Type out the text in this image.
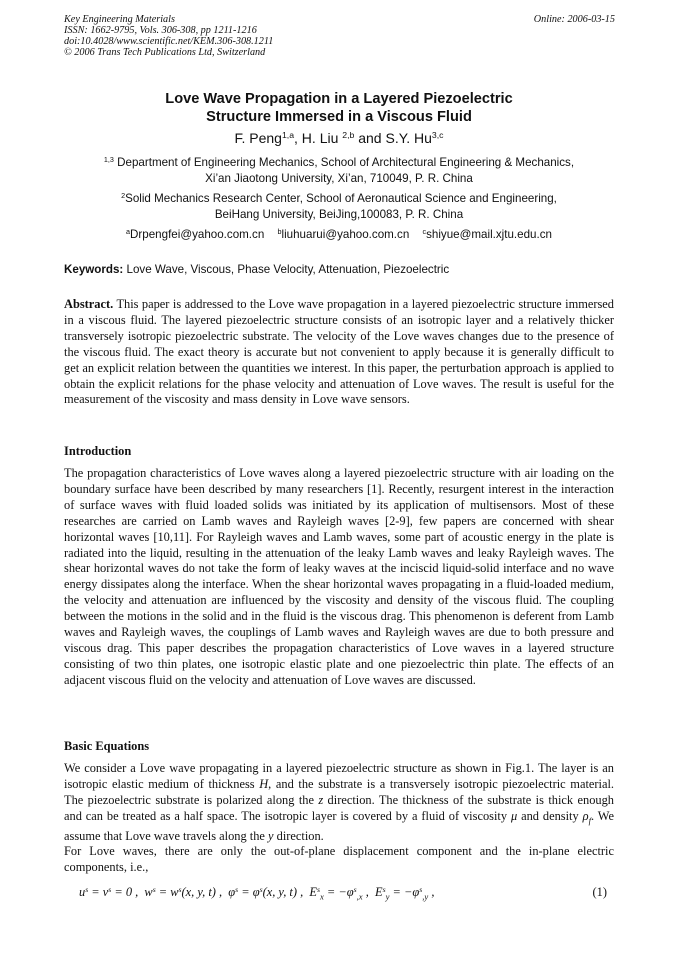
Key Engineering Materials
ISSN: 1662-9795, Vols. 306-308, pp 1211-1216
doi:10.4028/www.scientific.net/KEM.306-308.1211
© 2006 Trans Tech Publications Ltd, Switzerland
Online: 2006-03-15
Love Wave Propagation in a Layered Piezoelectric
Structure Immersed in a Viscous Fluid
F. Peng$^{1,a}$, H. Liu $^{2,b}$ and S.Y. Hu$^{3,c}$
$^{1,3}$ Department of Engineering Mechanics, School of Architectural Engineering & Mechanics,
Xi’an Jiaotong University, Xi’an, 710049, P. R. China
$^2$Solid Mechanics Research Center, School of Aeronautical Science and Engineering,
BeiHang University, BeiJing,100083, P. R. China
$^a$Drpengfei@yahoo.com.cn $^b$liuhuarui@yahoo.com.cn $^c$shiyue@mail.xjtu.edu.cn
Keywords: Love Wave, Viscous, Phase Velocity, Attenuation, Piezoelectric
Abstract. This paper is addressed to the Love wave propagation in a layered piezoelectric structure immersed in a viscous fluid. The layered piezoelectric structure consists of an isotropic layer and a relatively thicker transversely isotropic piezoelectric substrate. The velocity of the Love waves changes due to the presence of the viscous fluid. The exact theory is accurate but not convenient to apply because it is generally difficult to get an explicit relation between the quantities we interest. In this paper, the perturbation approach is applied to obtain the explicit relations for the phase velocity and attenuation of Love waves. The result is useful for the measurement of the viscosity and mass density in Love wave sensors.
Introduction
The propagation characteristics of Love waves along a layered piezoelectric structure with air loading on the boundary surface have been described by many researchers [1]. Recently, resurgent interest in the interaction of surface waves with fluid loaded solids was initiated by its application of multisensors. Most of these researches are carried on Lamb waves and Rayleigh waves [2-9], few papers are concerned with shear horizontal waves [10,11]. For Rayleigh waves and Lamb waves, some part of acoustic energy in the plate is radiated into the liquid, resulting in the attenuation of the leaky Lamb waves and leaky Rayleigh waves. The shear horizontal waves do not take the form of leaky waves at the inciscid liquid-solid interface and no wave energy dissipates along the interface. When the shear horizontal waves propagating in a fluid-loaded medium, the velocity and attenuation are influenced by the viscosity and density of the viscous fluid. The coupling between the motions in the solid and in the fluid is the viscous drag. This phenomenon is deferent from Lamb waves and Rayleigh waves, the couplings of Lamb waves and Rayleigh waves are due to both pressure and viscous drag. This paper describes the propagation characteristics of Love waves in a layered structure consisting of two thin plates, one isotropic elastic plate and one piezoelectric thin plate. The effects of an adjacent viscous fluid on the velocity and attenuation of Love waves are discussed.
Basic Equations
We consider a Love wave propagating in a layered piezoelectric structure as shown in Fig.1. The layer is an isotropic elastic medium of thickness H, and the substrate is a transversely isotropic piezoelectric material. The piezoelectric substrate is polarized along the z direction. The thickness of the substrate is thick enough and can be treated as a half space. The isotropic layer is covered by a fluid of viscosity μ and density $\rho_f$. We assume that Love wave travels along the y direction.
For Love waves, there are only the out-of-plane displacement component and the in-plane electric components, i.e.,
$u^s = v^s = 0$ ,  $w^s = w^s(x$, y, t) ,  $\varphi^s = \varphi^s(x$, y, t) ,  $E^s_x = -\varphi^s_{,x}$ ,  $E^s_y = -\varphi^s_{,y}$ ,	(1)
